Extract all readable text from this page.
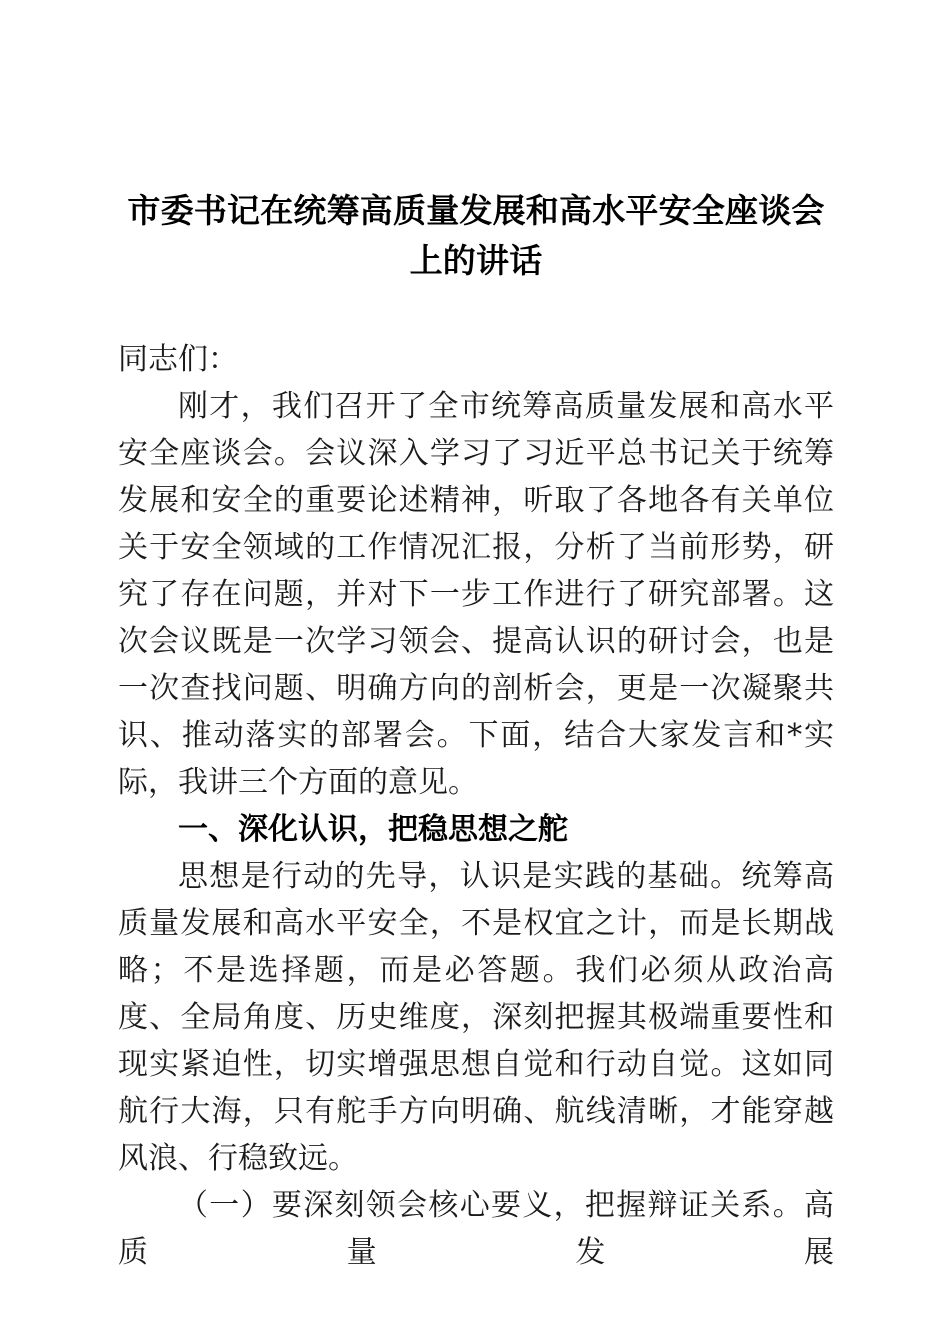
市委书记在统筹高质量发展和高水平安全座谈会上的讲话

同志们：

刚才，我们召开了全市统筹高质量发展和高水平安全座谈会。会议深入学习了习近平总书记关于统筹发展和安全的重要论述精神，听取了各地各有关单位关于安全领域的工作情况汇报，分析了当前形势，研究了存在问题，并对下一步工作进行了研究部署。这次会议既是一次学习领会、提高认识的研讨会，也是一次查找问题、明确方向的剖析会，更是一次凝聚共识、推动落实的部署会。下面，结合大家发言和*实际，我讲三个方面的意见。

一、深化认识，把稳思想之舵

思想是行动的先导，认识是实践的基础。统筹高质量发展和高水平安全，不是权宜之计，而是长期战略；不是选择题，而是必答题。我们必须从政治高度、全局角度、历史维度，深刻把握其极端重要性和现实紧迫性，切实增强思想自觉和行动自觉。这如同航行大海，只有舵手方向明确、航线清晰，才能穿越风浪、行稳致远。

（一）要深刻领会核心要义，把握辩证关系。高质量发展
